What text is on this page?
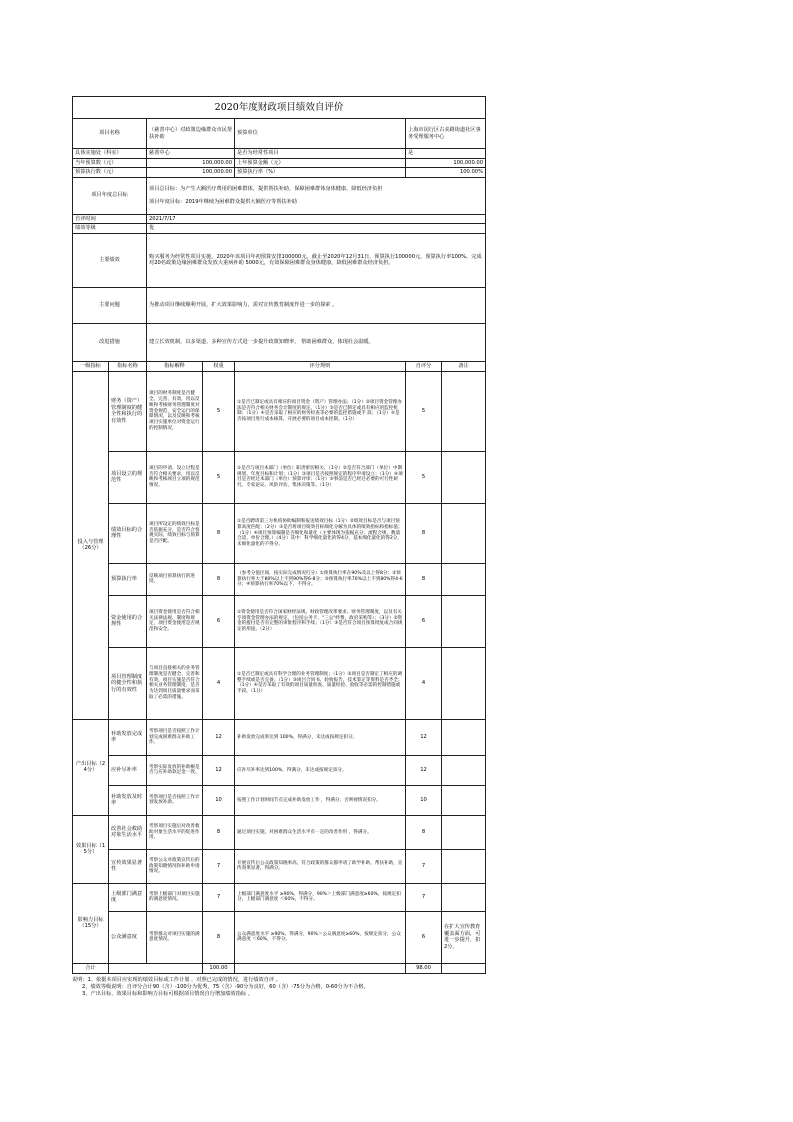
2020年度财政项目绩效自评价						
项目名称		（慈善中心）对政策边缘群众市民帮扶补助		预算单位	上海市闵行区古美路街道社区事务受理服务中心	
具体实施处（科室）		慈善中心		是否为经常性项目	是	
当年预算数（元）		100,000.00		上年预算金额（元）	100,000.00	
预算执行数（元）		100,000.00		预算执行率（%）	100.00%	
项目年度总目标		项目总目标：为产生大额医疗费用的困难群体，提供帮扶补助，保障困难群体身体健康，降低经济负担
项目年度目标：2019年继续为困难群众提供大额医疗等帮扶补助				

自评时间		2021/7/17				
绩效等级		优				
主要绩效		购买服务为经常性项目实施，2020年该项目年初预算安排100000元。截止至2020年12月31日，预算执行100000元，预算执行率100%。完成对20名政策边缘困难群众发放大重病补助 5000元，有效保障困难群众身体健康，降低困难群众经济负担。				
主要问题		为推动项目继续顺利开展，扩大效果影响力，需对宣传教育制度作进一步的探索 。				
改进措施		建立长效机制，以多渠道、多种宣传方式进一步提升政策知晓率， 帮助困难群众，体现社会温暖。				
一级指标	指标名称	指标解释	权重	评分规则	自评分	备注
投入与管理（26分）	财务（资产）管理制度的健全性和执行的有效性	项目的财务制度是否健全、完善、有效，用以反映和考核财务管理制度对资金规范、安全运行的保障情况，以及反映和考核项目实施单位对资金运行的控制情况。	5	①是否已制定或具有相应的项目资金（资产）管理办法；（1分）②项目资金管理办法是否符合相关财务会计制度的规定。（1分）③是否已制定或具有相应的监控机制；（1分）④是否采取了相应的财务检查等必要的监控措施或手 段；（1分）⑤是否按项目进行成本核算，开展必要的项目成本控制。（1分）	5	
	项目设立的规范性	项目的申请、设立过程是否符合相关要求，用以反映和考核项目立项的规范情况。	5	①是否与项目本部门（单位）职责密切相关；（1分）②是否符合部门（单位）中期规划、年度目标和计划；（1分）③项目是否按照规定的程序申请设立；（1分）④项目是否经过本部门（单位）预算评审；（1分）⑤事前是否已经过必要的可行性研究、专家论证、风险评估、集体决策等。（1分）	5	
	绩效目标的合理性	项目所设定的绩效目标是否依据充分，是否符合客观实际，绩效目标与预算是否匹配。	8	①是否聘请第三方机构协助编制和报送绩效目标（1分）②绩效目标是否与项目预算高度匹配；（2分）③是否将项目绩效目标细化分解为具体的绩效指标和指标值；（1分）④项目预算编制是否细化和量化（主要体现为依据充分，流程合规，数量合适，单价合理。）（4分）其中：科学细化量化的得4分，基本细化量化的得2分，未细化量化的不得分。	8	
	预算执行率	反映项目预算执行的进度。	8	（参考分值区间，按实际完成情况打分）①预算执行率在90%及以上得8分；②预算执行率大于80%以上不到90%得6-8分；③预算执行率70%以上不到80%得4-6分；④预算执行率70%以下，不得分。	8	
	资金使用的合规性	项目资金使用是否符合相关法律法规、制度和规定，项目资金使用是否规范和安全。	6	①资金使用是否符合国家财经法规、财政管理改革要求、财务管理制度，以及有关专项资金管理办法的规定，（包括公务卡、"三公"经费，政府采购等）；（3分）②资金的拨付是否有完整的审批程序和手续；（1分）③是否符合项目预算批复或合同规定的用途。（2分）	6	
	项目管理制度的健全性和执行的有效性	与项目直接相关的业务管理制度是否健全、完善和有效，项目实施是否符合相关业务管理制度，是否为达到项目质量要求而采取了必需的措施。	4	①是否已制定或具有科学合理的业务管理制度；（1分）②项目是否制定了相应的调整手续或是否完备；（1分）③项目合同书、验收报告、技术鉴定等资料是否齐全；（1分）④是否采取了有效的项目质量检查、质量检验、验收等必需的控制措施或手段。（1分）	4	
产出目标（24分）	补助发放完成率	考察项目是否按照工作计划完成困难群众补助工作。	12	补助发放完成率达到 100%，得满分，未达成按规定扣分。	12	
	应补尽补率	考察实际发放的补助额是否与应补助款足金一致。	12	应补尽补率达到100%，得满分，未达成按规定扣分。	12	
	补助发放及时率	考察项目是否按照工作计划发放补助。	10	按照工作计划时间节点完成补助发放工作 ，得满分，否则视情况扣分。	10	
效果目标（15分）	改善社会救助对象生活水平	考察项目实施后对改善救助对象生活水平的促进作用。	8	通过项目实施，对困难群众生活水平有一定的改善作用 ，得满分。	8	
	宣传效果显著性	考察公众对政策宣传后的政策知晓情况和补助申请情况。	7	开展宣传后公众政策知晓率高，符合政策的群众都申请了助学补助、帮扶补助，宣传效果显著，得满分。	7	
影响力目标（15分）	上级部门满意度	考察上级部门对项目实施的满意度情况。	7	上级部门满意度水平 ≥90%，得满分，90%＞上级部门满意度≥60%，按规定扣分，上级部门满意度 ＜60%，不得分。	7	
	公众满意度	考察群众对项目实施的满意度情况。	8	公众满意度水平 ≥90%，得满分，90%＞公众满意度≥60%，按规定扣分，公众 满意度 ＜60%，不得分。	6	在扩大宣传教育覆盖面方面，可进一步提升，扣2分。
合计			100.00		98.00	
说明：1、依据本项目应实现的绩效目标或工作计划 ，对照已完成的情况，进行绩效自评 。
2、绩效等级说明：自评分合计90（含）-100分为优秀，75（含）-90分为良好，60（含）-75分为合格，0-60分为不合格。
3、产出目标、效果目标和影响力目标可根据项目情况自行增加绩效指标 。
